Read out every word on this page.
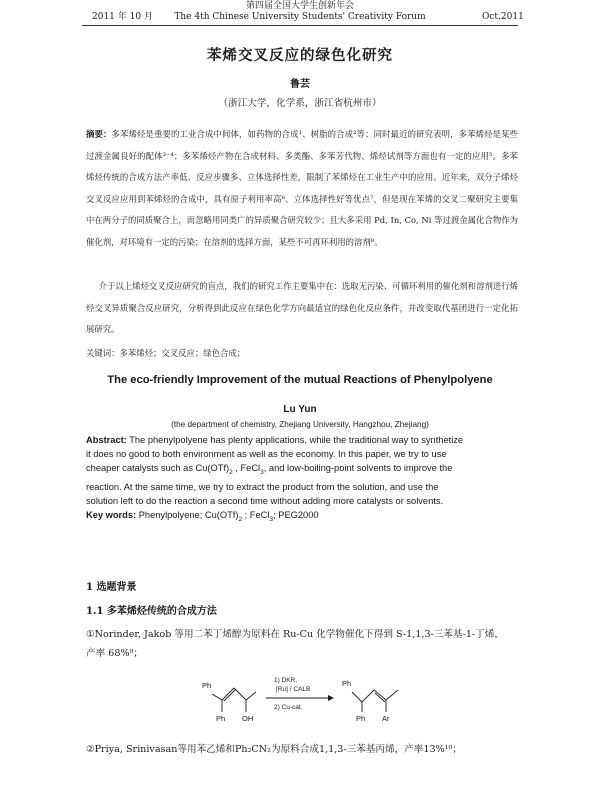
2011 年 10 月
第四届全国大学生创新年会
The 4th Chinese University Students' Creativity Forum	Oct.2011
苯烯交叉反应的绿色化研究
鲁芸
（浙江大学，化学系，浙江省杭州市）
摘要：多苯烯烃是重要的工业合成中间体，如药物的合成¹、树脂的合成²等；同时最近的研究表明，多苯烯烃是某些过渡金属良好的配体³⁻⁴；多苯烯烃产物在合成材料、多类酯、多苯芳代物、烯烃试剂等方面也有一定的应用⁵。多苯烯烃传统的合成方法产率低、反应步骤多、立体选择性差，限制了苯烯烃在工业生产中的应用。近年来，双分子烯烃交叉反应应用到苯烯烃的合成中，具有原子利用率高⁶、立体选择性好等优点⁷，但是现在苯烯的交叉二聚研究主要集中在两分子的同质聚合上，而忽略用同类广的异质聚合研究较少；且大多采用 Pd, In, Co, Ni 等过渡金属化合物作为催化剂，对环境有一定的污染；在溶剂的选择方面，某些不可再环利用的溶剂⁸。
介于以上烯烃交叉反应研究的盲点，我们的研究工作主要集中在：选取无污染、可循环利用的催化剂和溶剂进行烯烃交叉异质聚合反应研究，分析得到此反应在绿色化学方向最适宜的绿色化反应条件，并改变取代基团进行一定化拓展研究。
关键词：多苯烯烃；交叉反应；绿色合成；
The eco-friendly Improvement of the mutual Reactions of Phenylpolyene
Lu Yun
(the department of chemistry, Zhejiang University, Hangzhou, Zhejiang)
Abstract: The phenylpolyene has plenty applications, while the traditional way to synthetize
it does no good to both environment as well as the economy. In this paper, we try to use
cheaper catalysts such as $Cu(OTf)_2$ , FeCl$_3$, and low-boiling-point solvents to improve the
reaction. At the same time, we try to extract the product from the solution, and use the
solution left to do the reaction a second time without adding more catalysts or solvents.
Key words: Phenylpolyene; $Cu(OTf)_2$ ; FeCl$_3$; PEG2000
1 选题背景
1.1 多苯烯烃传统的合成方法
①Norinder, Jakob 等用二苯丁烯醇为原料在 Ru-Cu 化学物催化下得到 S-1,1,3-三苯基-1-丁烯，
产率 68%⁹；
Ph
Ph OH
1) DKR,
[Ru] / CALB
2) Cu-cat.
Ph
Ph Ar
②Priya, Srinivasan等用苯乙烯和Ph₂CN₂为原料合成1,1,3-三苯基丙烯，产率13%¹⁰；
